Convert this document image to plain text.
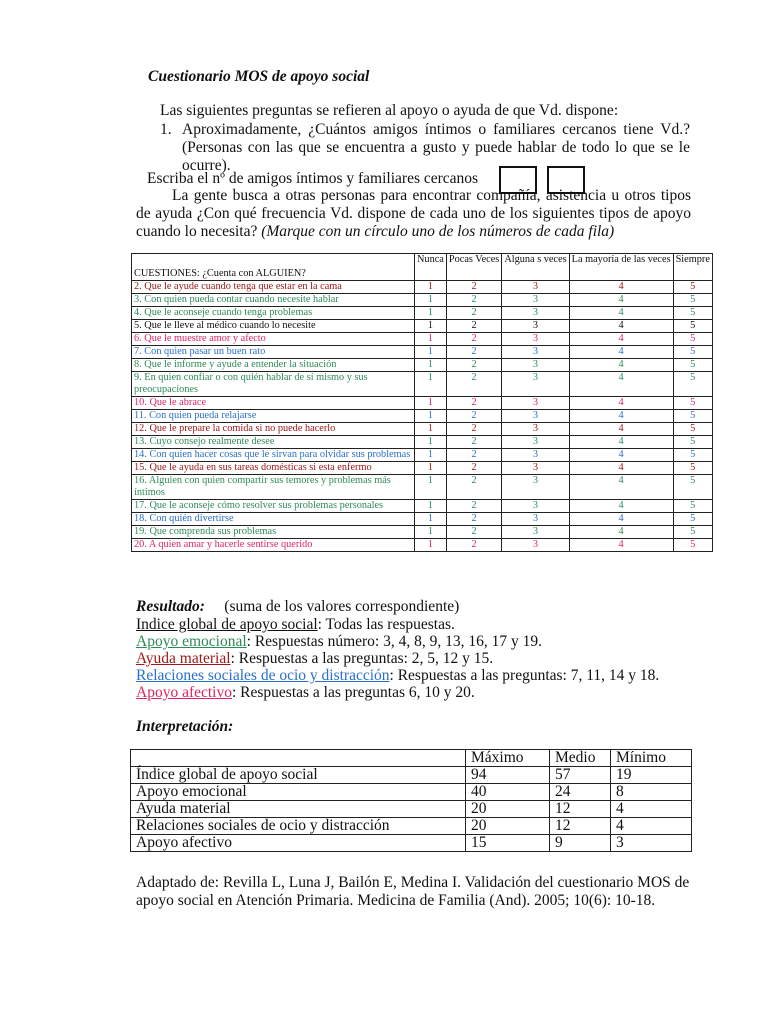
Cuestionario MOS de apoyo social
Las siguientes preguntas se refieren al apoyo o ayuda de que Vd. dispone:
1. Aproximadamente, ¿Cuántos amigos íntimos o familiares cercanos tiene Vd.? (Personas con las que se encuentra a gusto y puede hablar de todo lo que se le ocurre).
Escriba el nº de amigos íntimos y familiares cercanos
La gente busca a otras personas para encontrar compañía, asistencia u otros tipos de ayuda ¿Con qué frecuencia Vd. dispone de cada uno de los siguientes tipos de apoyo cuando lo necesita? (Marque con un círculo uno de los números de cada fila)
CUESTIONES: ¿Cuenta con ALGUIEN?	Nunca	Pocas Veces	Alguna s veces	La mayoría de las veces	Siempre
2. Que le ayude cuando tenga que estar en la cama	1	2	3	4	5
3. Con quien pueda contar cuando necesite hablar	1	2	3	4	5
4. Que le aconseje cuando tenga problemas	1	2	3	4	5
5. Que le lleve al médico cuando lo necesite	1	2	3	4	5
6. Que le muestre amor y afecto	1	2	3	4	5
7. Con quien pasar un buen rato	1	2	3	4	5
8. Que le informe y ayude a entender la situación	1	2	3	4	5
9. En quien confiar o con quién hablar de sí mismo y sus preocupaciones	1	2	3	4	5
10. Que le abrace	1	2	3	4	5
11. Con quien pueda relajarse	1	2	3	4	5
12. Que le prepare la comida si no puede hacerlo	1	2	3	4	5
13. Cuyo consejo realmente desee	1	2	3	4	5
14. Con quien hacer cosas que le sirvan para olvidar sus problemas	1	2	3	4	5
15. Que le ayuda en sus tareas domésticas si esta enfermo	1	2	3	4	5
16. Alguien con quien compartir sus temores y problemas más íntimos	1	2	3	4	5
17. Que le aconseje cómo resolver sus problemas personales	1	2	3	4	5
18. Con quién divertirse	1	2	3	4	5
19. Que comprenda sus problemas	1	2	3	4	5
20. A quien amar y hacerle sentirse querido	1	2	3	4	5
Resultado: (suma de los valores correspondiente)
Indice global de apoyo social: Todas las respuestas.
Apoyo emocional: Respuestas número: 3, 4, 8, 9, 13, 16, 17 y 19.
Ayuda material: Respuestas a las preguntas: 2, 5, 12 y 15.
Relaciones sociales de ocio y distracción: Respuestas a las preguntas: 7, 11, 14 y 18.
Apoyo afectivo: Respuestas a las preguntas 6, 10 y 20.
Interpretación:
	Máximo	Medio	Mínimo
Índice global de apoyo social	94	57	19
Apoyo emocional	40	24	8
Ayuda material	20	12	4
Relaciones sociales de ocio y distracción	20	12	4
Apoyo afectivo	15	9	3
Adaptado de: Revilla L, Luna J, Bailón E, Medina I. Validación del cuestionario MOS de apoyo social en Atención Primaria. Medicina de Familia (And). 2005; 10(6): 10-18.
